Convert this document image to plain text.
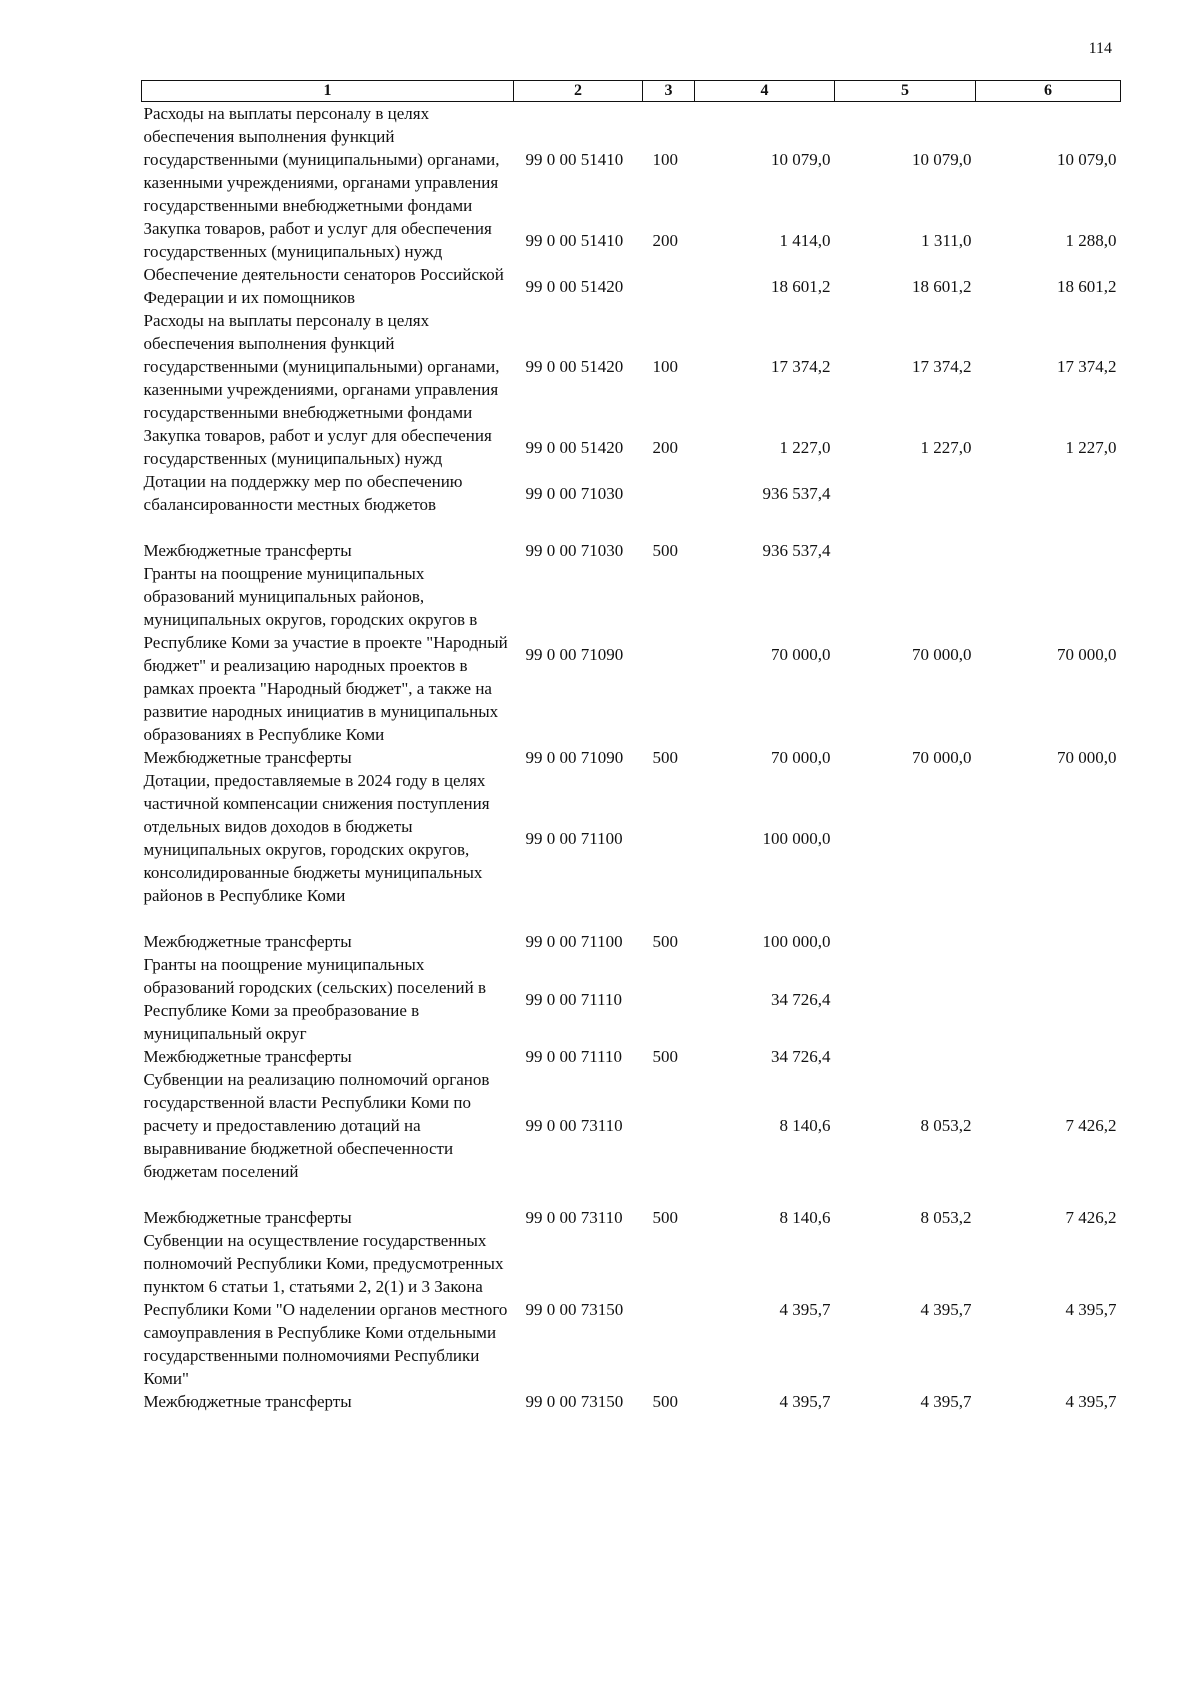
114
1	2	3	4	5	6
Расходы на выплаты персоналу в целях обеспечения выполнения функций государственными (муниципальными) органами, казенными учреждениями, органами управления государственными внебюджетными фондами	99 0 00 51410	100	10 079,0	10 079,0	10 079,0
Закупка товаров, работ и услуг для обеспечения государственных (муниципальных) нужд	99 0 00 51410	200	1 414,0	1 311,0	1 288,0
Обеспечение деятельности сенаторов Российской Федерации и их помощников	99 0 00 51420		18 601,2	18 601,2	18 601,2
Расходы на выплаты персоналу в целях обеспечения выполнения функций государственными (муниципальными) органами, казенными учреждениями, органами управления государственными внебюджетными фондами	99 0 00 51420	100	17 374,2	17 374,2	17 374,2
Закупка товаров, работ и услуг для обеспечения государственных (муниципальных) нужд	99 0 00 51420	200	1 227,0	1 227,0	1 227,0
Дотации на поддержку мер по обеспечению сбалансированности местных бюджетов	99 0 00 71030		936 537,4		
Межбюджетные трансферты	99 0 00 71030	500	936 537,4		
Гранты на поощрение муниципальных образований муниципальных районов, муниципальных округов, городских округов в Республике Коми за участие в проекте "Народный бюджет" и реализацию народных проектов в рамках проекта "Народный бюджет", а также на развитие народных инициатив в муниципальных образованиях в Республике Коми	99 0 00 71090		70 000,0	70 000,0	70 000,0
Межбюджетные трансферты	99 0 00 71090	500	70 000,0	70 000,0	70 000,0
Дотации, предоставляемые в 2024 году в целях частичной компенсации снижения поступления отдельных видов доходов в бюджеты муниципальных округов, городских округов, консолидированные бюджеты муниципальных районов в Республике Коми	99 0 00 71100		100 000,0		
Межбюджетные трансферты	99 0 00 71100	500	100 000,0		
Гранты на поощрение муниципальных образований городских (сельских) поселений в Республике Коми за преобразование в муниципальный округ	99 0 00 71110		34 726,4		
Межбюджетные трансферты	99 0 00 71110	500	34 726,4		
Субвенции на реализацию полномочий органов государственной власти Республики Коми по расчету и предоставлению дотаций на выравнивание бюджетной обеспеченности бюджетам поселений	99 0 00 73110		8 140,6	8 053,2	7 426,2
Межбюджетные трансферты	99 0 00 73110	500	8 140,6	8 053,2	7 426,2
Субвенции на осуществление государственных полномочий Республики Коми, предусмотренных пунктом 6 статьи 1, статьями 2, 2(1) и 3 Закона Республики Коми "О наделении органов местного самоуправления в Республике Коми отдельными государственными полномочиями Республики Коми"	99 0 00 73150		4 395,7	4 395,7	4 395,7
Межбюджетные трансферты	99 0 00 73150	500	4 395,7	4 395,7	4 395,7
